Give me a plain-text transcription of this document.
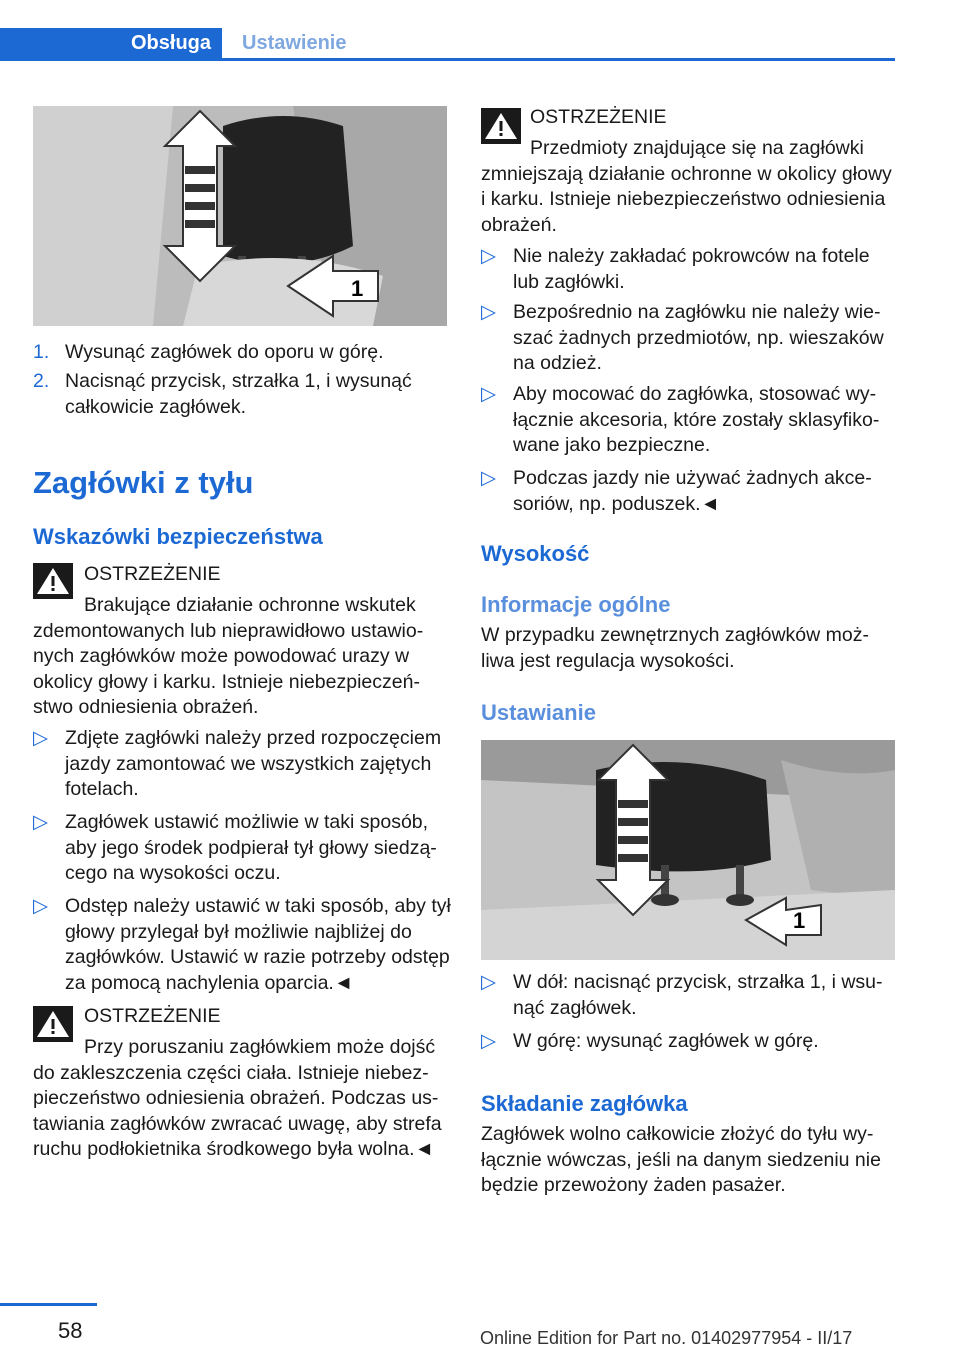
Obsługa	Ustawienie
1
1. Wysunąć zagłówek do oporu w górę.
2. Nacisnąć przycisk, strzałka 1, i wysunąć całkowicie zagłówek.
Zagłówki z tyłu
Wskazówki bezpieczeństwa
OSTRZEŻENIE
Brakujące działanie ochronne wskutek zdemontowanych lub nieprawidłowo ustawionych zagłówków może powodować urazy w okolicy głowy i karku. Istnieje niebezpieczeństwo odniesienia obrażeń.
▷ Zdjęte zagłówki należy przed rozpoczęciem jazdy zamontować we wszystkich zajętych fotelach.
▷ Zagłówek ustawić możliwie w taki sposób, aby jego środek podpierał tył głowy siedzącego na wysokości oczu.
▷ Odstęp należy ustawić w taki sposób, aby tył głowy przylegał był możliwie najbliżej do zagłówków. Ustawić w razie potrzeby odstęp za pomocą nachylenia oparcia.◄
OSTRZEŻENIE
Przy poruszaniu zagłówkiem może dojść do zakleszczenia części ciała. Istnieje niebezpieczeństwo odniesienia obrażeń. Podczas ustawiania zagłówków zwracać uwagę, aby strefa ruchu podłokietnika środkowego była wolna.◄
OSTRZEŻENIE
Przedmioty znajdujące się na zagłówki zmniejszają działanie ochronne w okolicy głowy i karku. Istnieje niebezpieczeństwo odniesienia obrażeń.
▷ Nie należy zakładać pokrowców na fotele lub zagłówki.
▷ Bezpośrednio na zagłówku nie należy wieszać żadnych przedmiotów, np. wieszaków na odzież.
▷ Aby mocować do zagłówka, stosować wyłącznie akcesoria, które zostały sklasyfikowane jako bezpieczne.
▷ Podczas jazdy nie używać żadnych akcesoriów, np. poduszek.◄
Wysokość
Informacje ogólne
W przypadku zewnętrznych zagłówków możliwa jest regulacja wysokości.
Ustawianie
1
▷ W dół: nacisnąć przycisk, strzałka 1, i wsunąć zagłówek.
▷ W górę: wysunąć zagłówek w górę.
Składanie zagłówka
Zagłówek wolno całkowicie złożyć do tyłu wyłącznie wówczas, jeśli na danym siedzeniu nie będzie przewożony żaden pasażer.
58	Online Edition for Part no. 01402977954 - II/17
